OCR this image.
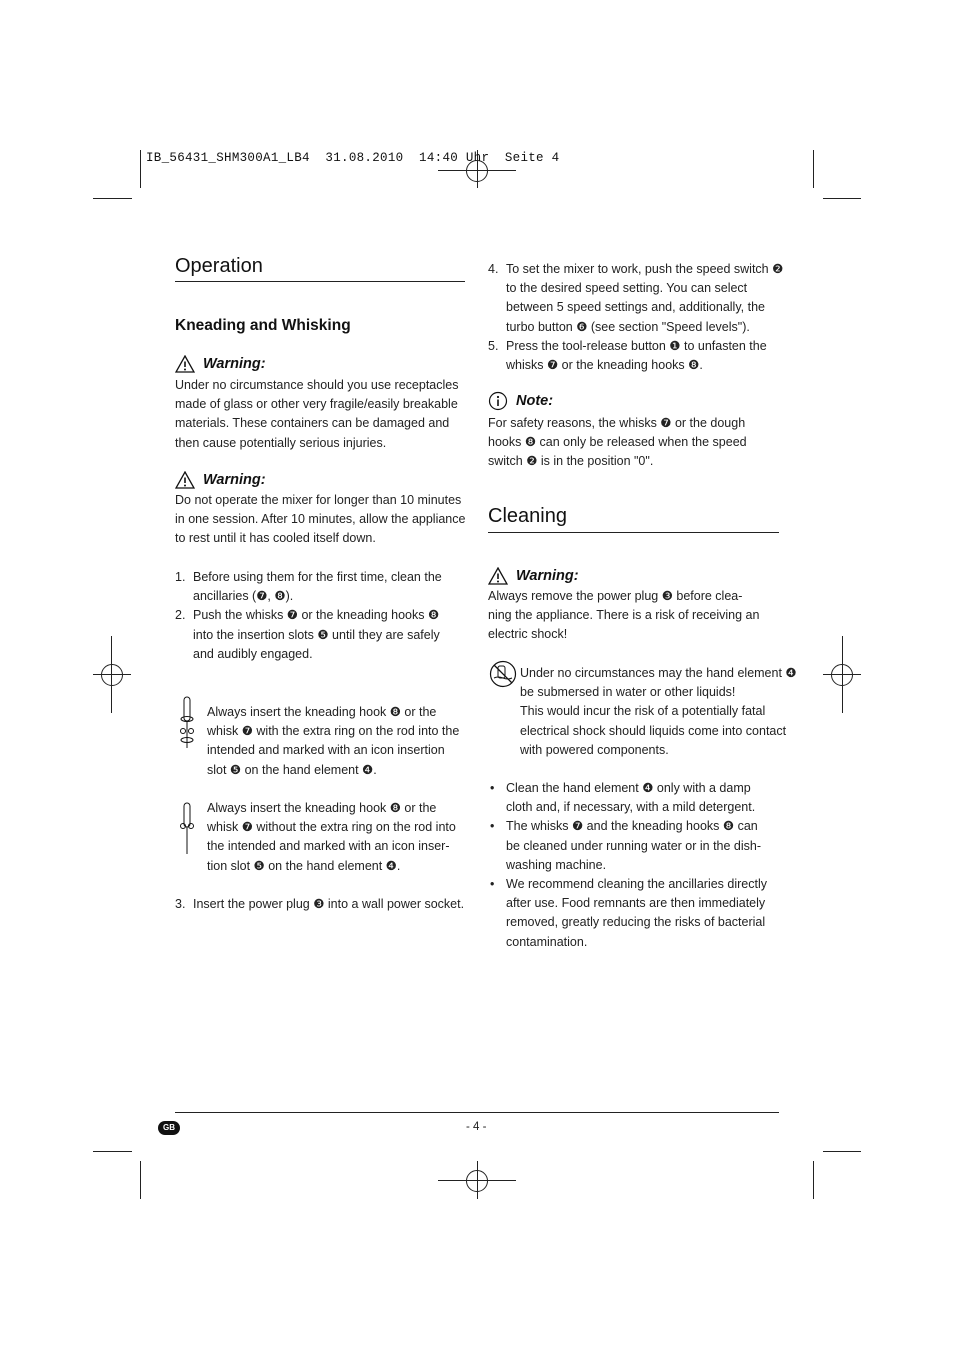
IB_56431_SHM300A1_LB4  31.08.2010  14:40 Uhr  Seite 4
Operation
Kneading and Whisking
Warning:
Under no circumstance should you use receptacles
made of glass or other very fragile/easily breakable
materials. These containers can be damaged and
then cause potentially serious injuries.
Warning:
Do not operate the mixer for longer than 10 minutes
in one session. After 10 minutes, allow the appliance
to rest until it has cooled itself down.
1. Before using them for the first time, clean the
ancillaries (❼, ❽).
2. Push the whisks ❼ or the kneading hooks ❽
into the insertion slots ❺ until they are safely
and audibly engaged.
Always insert the kneading hook ❽ or the
whisk ❼ with the extra ring on the rod into the
intended and marked with an icon insertion
slot ❺ on the hand element ❹.
Always insert the kneading hook ❽ or the
whisk ❼ without the extra ring on the rod into
the intended and marked with an icon inser-
tion slot ❺ on the hand element ❹.
3. Insert the power plug ❸ into a wall power socket.
4. To set the mixer to work, push the speed switch ❷
to the desired speed setting. You can select
between 5 speed settings and, additionally, the
turbo button ❻ (see section "Speed levels").
5. Press the tool-release button ❶ to unfasten the
whisks ❼ or the kneading hooks ❽.
Note:
For safety reasons, the whisks ❼ or the dough
hooks ❽ can only be released when the speed
switch ❷ is in the position "0".
Cleaning
Warning:
Always remove the power plug ❸ before clea-
ning the appliance. There is a risk of receiving an
electric shock!
Under no circumstances may the hand element ❹
be submersed in water or other liquids!
This would incur the risk of a potentially fatal
electrical shock should liquids come into contact
with powered components.
• Clean the hand element ❹ only with a damp
cloth and, if necessary, with a mild detergent.
• The whisks ❼ and the kneading hooks ❽ can
be cleaned under running water or in the dish-
washing machine.
• We recommend cleaning the ancillaries directly
after use. Food remnants are then immediately
removed, greatly reducing the risks of bacterial
contamination.
GB	- 4 -
